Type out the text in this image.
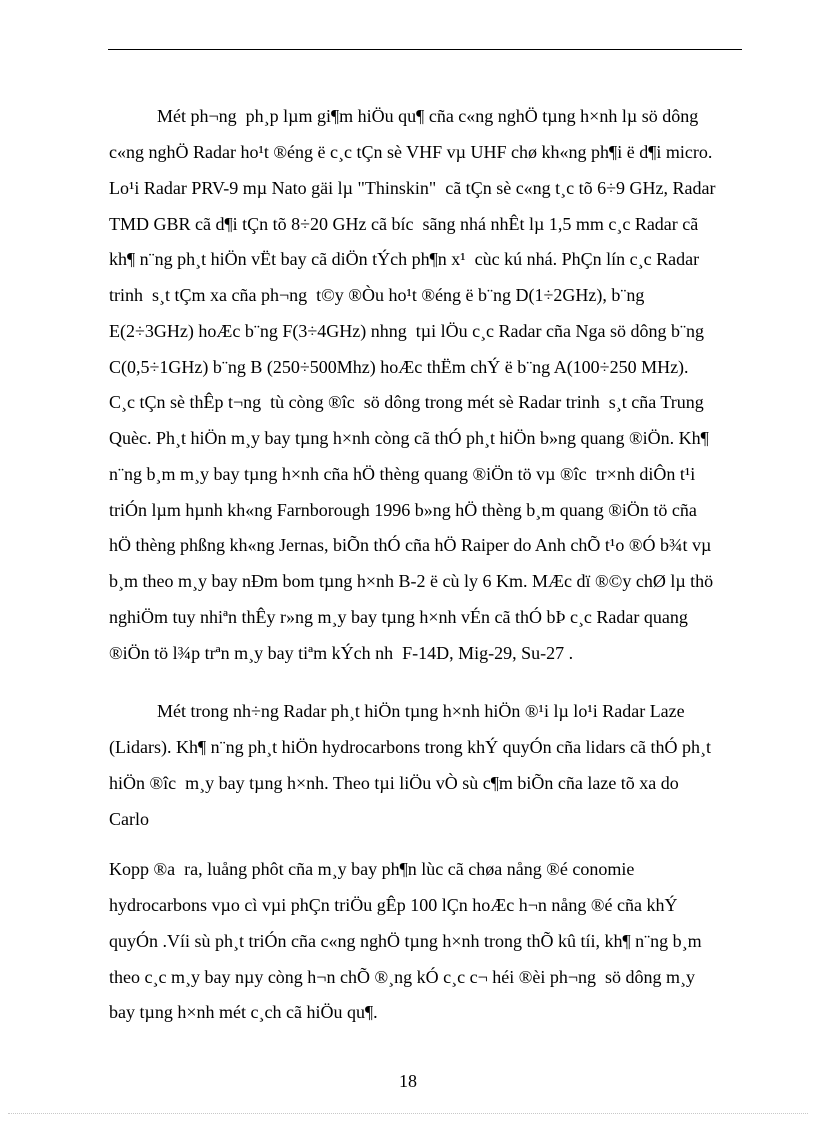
Mét ph¬ng  ph¸p lµm gi¶m hiÖu qu¶ cña c«ng nghÖ tµng h×nh lµ sö dông
c«ng nghÖ Radar ho¹t ®éng ë c¸c tÇn sè VHF vµ UHF chø kh«ng ph¶i ë d¶i micro.
Lo¹i Radar PRV-9 mµ Nato gäi lµ "Thinskin"  cã tÇn sè c«ng t¸c tõ 6÷9 GHz, Radar
TMD GBR cã d¶i tÇn tõ 8÷20 GHz cã bíc  sãng nhá nhÊt lµ 1,5 mm c¸c Radar cã
kh¶ n¨ng ph¸t hiÖn vËt bay cã diÖn tÝch ph¶n x¹  cùc kú nhá. PhÇn lín c¸c Radar
trinh  s¸t tÇm xa cña ph¬ng  t©y ®Òu ho¹t ®éng ë b¨ng D(1÷2GHz), b¨ng
E(2÷3GHz) hoÆc b¨ng F(3÷4GHz) nhng  tµi lÖu c¸c Radar cña Nga sö dông b¨ng
C(0,5÷1GHz) b¨ng B (250÷500Mhz) hoÆc thËm chÝ ë b¨ng A(100÷250 MHz).
C¸c tÇn sè thÊp t¬ng  tù còng ®îc  sö dông trong mét sè Radar trinh  s¸t cña Trung
Quèc. Ph¸t hiÖn m¸y bay tµng h×nh còng cã thÓ ph¸t hiÖn b»ng quang ®iÖn. Kh¶
n¨ng b¸m m¸y bay tµng h×nh cña hÖ thèng quang ®iÖn tö vµ ®îc  tr×nh diÔn t¹i
triÓn lµm hµnh kh«ng Farnborough 1996 b»ng hÖ thèng b¸m quang ®iÖn tö cña
hÖ thèng phßng kh«ng Jernas, biÕn thÓ cña hÖ Raiper do Anh chÕ t¹o ®Ó b¾t vµ
b¸m theo m¸y bay nÐm bom tµng h×nh B-2 ë cù ly 6 Km. MÆc dï ®©y chØ lµ thö
nghiÖm tuy nhiªn thÊy r»ng m¸y bay tµng h×nh vÉn cã thÓ bÞ c¸c Radar quang
®iÖn tö l¾p trªn m¸y bay tiªm kÝch nh  F-14D, Mig-29, Su-27 .
Mét trong nh÷ng Radar ph¸t hiÖn tµng h×nh hiÖn ®¹i lµ lo¹i Radar Laze
(Lidars). Kh¶ n¨ng ph¸t hiÖn hydrocarbons trong khÝ quyÓn cña lidars cã thÓ ph¸t
hiÖn ®îc  m¸y bay tµng h×nh. Theo tµi liÖu vÒ sù c¶m biÕn cña laze tõ xa do
Carlo
Kopp ®a  ra, luång phôt cña m¸y bay ph¶n lùc cã chøa nång ®é conomie
hydrocarbons vµo cì vµi phÇn triÖu gÊp 100 lÇn hoÆc h¬n nång ®é cña khÝ
quyÓn .Víi sù ph¸t triÓn cña c«ng nghÖ tµng h×nh trong thÕ kû tíi, kh¶ n¨ng b¸m
theo c¸c m¸y bay nµy còng h¬n chÕ ®¸ng kÓ c¸c c¬ héi ®èi ph¬ng  sö dông m¸y
bay tµng h×nh mét c¸ch cã hiÖu qu¶.
18
